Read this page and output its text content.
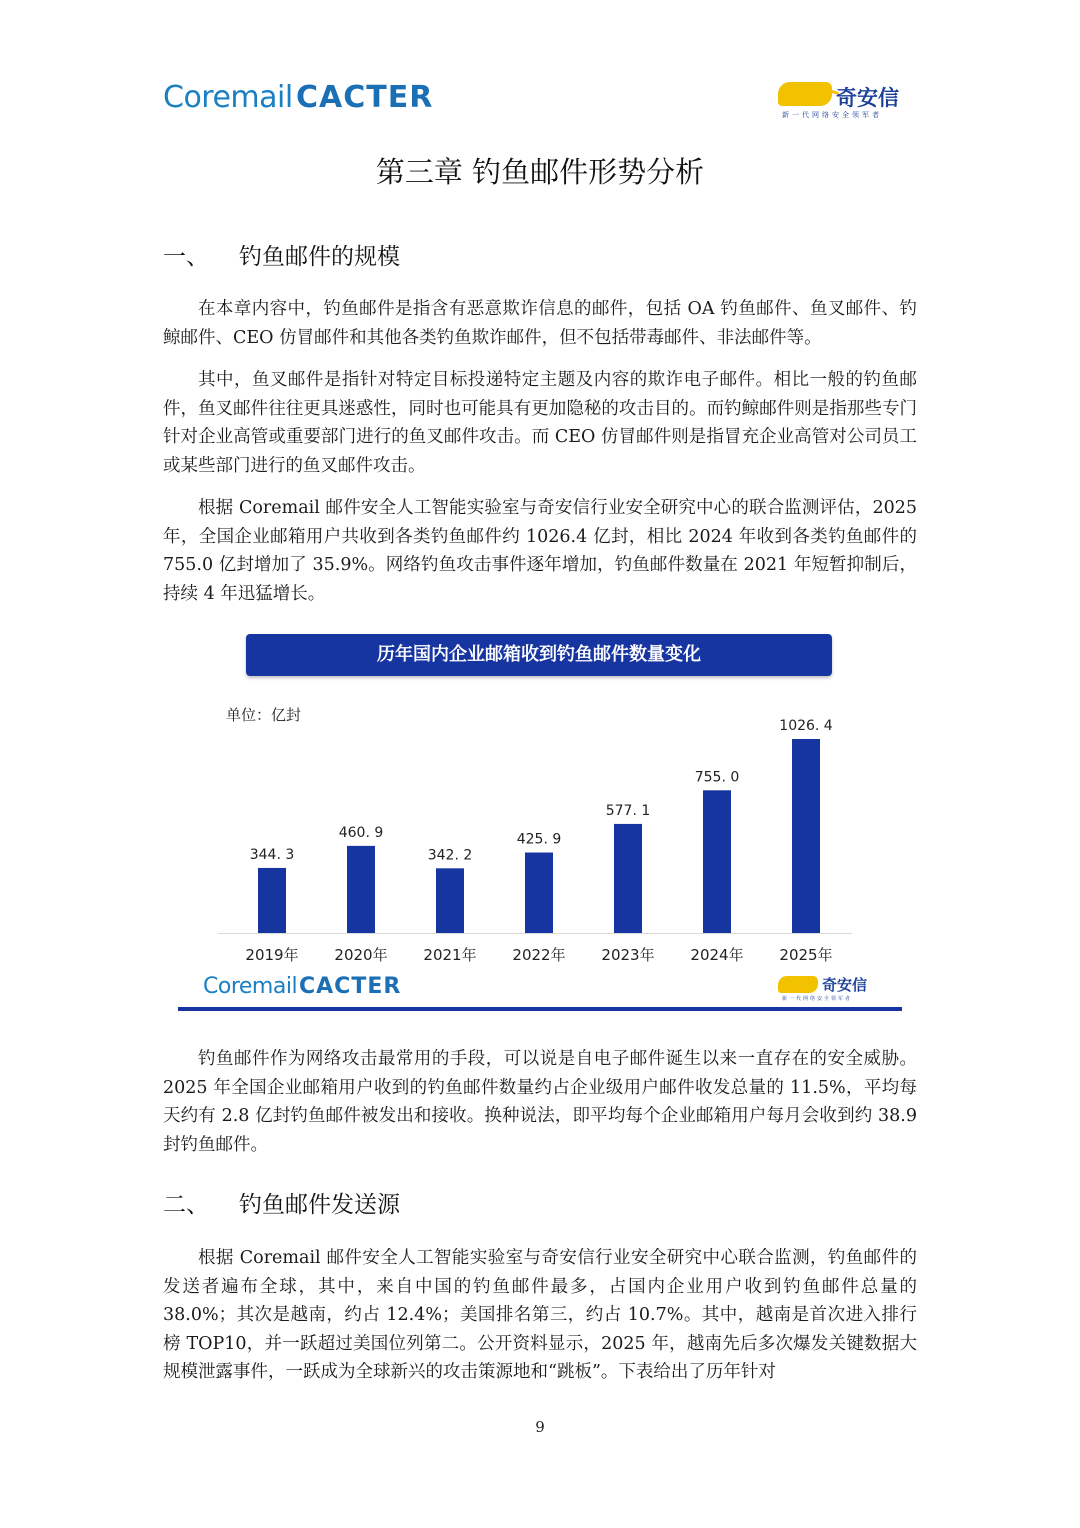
Coremail CACTER	奇安信
新一代网络安全领军者
第三章 钓鱼邮件形势分析
一、 钓鱼邮件的规模

在本章内容中，钓鱼邮件是指含有恶意欺诈信息的邮件，包括 OA 钓鱼邮件、鱼叉邮件、钓鲸邮件、CEO 仿冒邮件和其他各类钓鱼欺诈邮件，但不包括带毒邮件、非法邮件等。

其中，鱼叉邮件是指针对特定目标投递特定主题及内容的欺诈电子邮件。相比一般的钓鱼邮件，鱼叉邮件往往更具迷惑性，同时也可能具有更加隐秘的攻击目的。而钓鲸邮件则是指那些专门针对企业高管或重要部门进行的鱼叉邮件攻击。而 CEO 仿冒邮件则是指冒充企业高管对公司员工或某些部门进行的鱼叉邮件攻击。

根据 Coremail 邮件安全人工智能实验室与奇安信行业安全研究中心的联合监测评估，2025 年，全国企业邮箱用户共收到各类钓鱼邮件约 1026.4 亿封，相比 2024 年收到各类钓鱼邮件的 755.0 亿封增加了 35.9%。网络钓鱼攻击事件逐年增加，钓鱼邮件数量在 2021 年短暂抑制后，持续 4 年迅猛增长。

历年国内企业邮箱收到钓鱼邮件数量变化
单位：亿封
344. 3
2019年
460. 9
2020年
342. 2
2021年
425. 9
2022年
577. 1
2023年
755. 0
2024年
1026. 4
2025年
Coremail CACTER	奇安信
新一代网络安全领军者

钓鱼邮件作为网络攻击最常用的手段，可以说是自电子邮件诞生以来一直存在的安全威胁。2025 年全国企业邮箱用户收到的钓鱼邮件数量约占企业级用户邮件收发总量的 11.5%，平均每天约有 2.8 亿封钓鱼邮件被发出和接收。换种说法，即平均每个企业邮箱用户每月会收到约 38.9 封钓鱼邮件。

二、 钓鱼邮件发送源

根据 Coremail 邮件安全人工智能实验室与奇安信行业安全研究中心联合监测，钓鱼邮件的发送者遍布全球，其中，来自中国的钓鱼邮件最多，占国内企业用户收到钓鱼邮件总量的 38.0%；其次是越南，约占 12.4%；美国排名第三，约占 10.7%。其中，越南是首次进入排行榜 TOP10，并一跃超过美国位列第二。公开资料显示，2025 年，越南先后多次爆发关键数据大规模泄露事件，一跃成为全球新兴的攻击策源地和“跳板”。下表给出了历年针对

9
